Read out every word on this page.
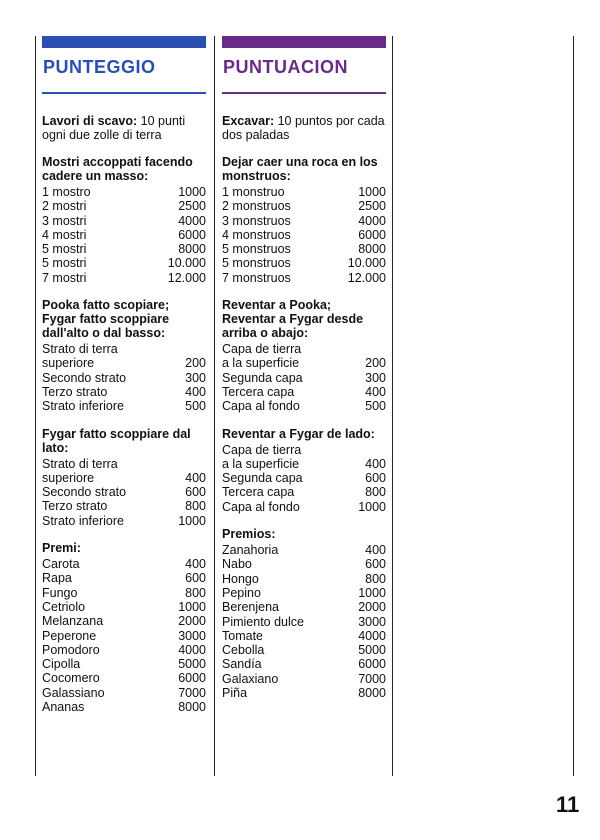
PUNTEGGIO
Lavori di scavo: 10 punti ogni due zolle di terra
Mostri accoppati facendo cadere un masso:
1 mostro	1000
2 mostri	2500
3 mostri	4000
4 mostri	6000
5 mostri	8000
5 mostri	10.000
7 mostri	12.000
Pooka fatto scopiare; Fygar fatto scoppiare dall'alto o dal basso:
Strato di terra
superiore	200
Secondo strato	300
Terzo strato	400
Strato inferiore	500
Fygar fatto scoppiare dal lato:
Strato di terra
superiore	400
Secondo strato	600
Terzo strato	800
Strato inferiore	1000
Premi:
Carota	400
Rapa	600
Fungo	800
Cetriolo	1000
Melanzana	2000
Peperone	3000
Pomodoro	4000
Cipolla	5000
Cocomero	6000
Galassiano	7000
Ananas	8000
PUNTUACION
Excavar: 10 puntos por cada dos paladas
Dejar caer una roca en los monstruos:
1 monstruo	1000
2 monstruos	2500
3 monstruos	4000
4 monstruos	6000
5 monstruos	8000
5 monstruos	10.000
7 monstruos	12.000
Reventar a Pooka; Reventar a Fygar desde arriba o abajo:
Capa de tierra
a la superficie	200
Segunda capa	300
Tercera capa	400
Capa al fondo	500
Reventar a Fygar de lado:
Capa de tierra
a la superficie	400
Segunda capa	600
Tercera capa	800
Capa al fondo	1000
Premios:
Zanahoria	400
Nabo	600
Hongo	800
Pepino	1000
Berenjena	2000
Pimiento dulce	3000
Tomate	4000
Cebolla	5000
Sandía	6000
Galaxiano	7000
Piña	8000
11
